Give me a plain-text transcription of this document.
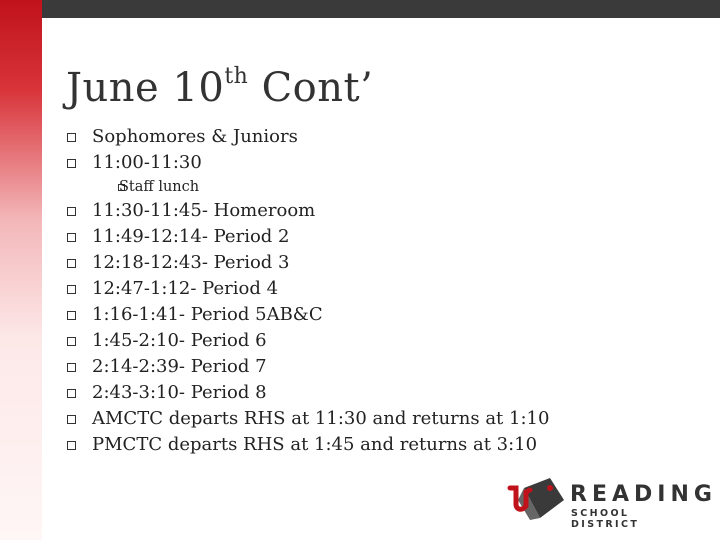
June 10th Cont’
Sophomores & Juniors
11:00-11:30
Staff lunch
11:30-11:45- Homeroom
11:49-12:14- Period 2
12:18-12:43- Period 3
12:47-1:12- Period 4
1:16-1:41- Period 5AB&C
1:45-2:10- Period 6
2:14-2:39- Period 7
2:43-3:10- Period 8
AMCTC departs RHS at 11:30 and returns at 1:10
PMCTC departs RHS at 1:45 and returns at 3:10
READING
SCHOOL DISTRICT
